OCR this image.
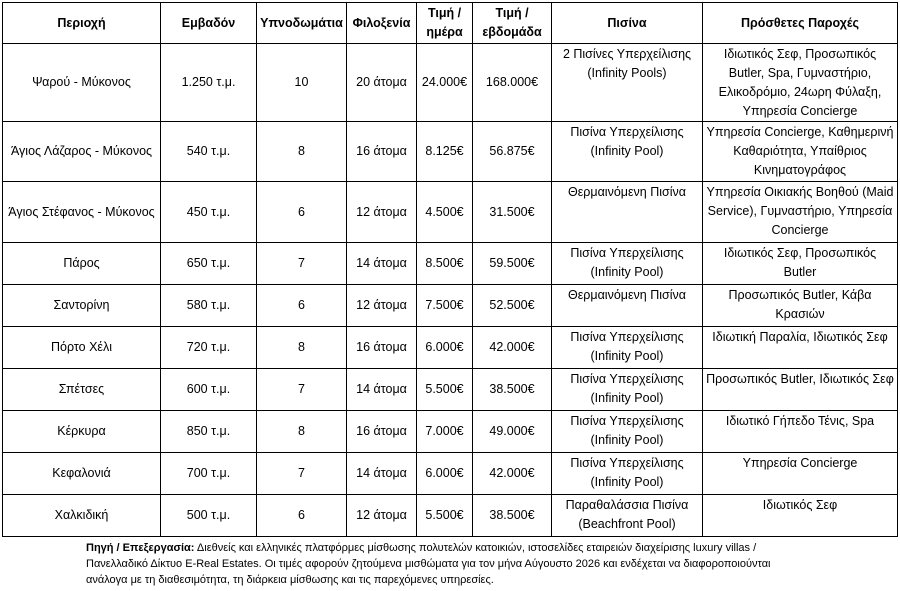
Περιοχή	Εμβαδόν	Υπνοδωμάτια	Φιλοξενία	Τιμή / ημέρα	Τιμή / εβδομάδα	Πισίνα	Πρόσθετες Παροχές
Ψαρού - Μύκονος	1.250 τ.μ.	10	20 άτομα	24.000€	168.000€	2 Πισίνες Υπερχείλισης (Infinity Pools)	Ιδιωτικός Σεφ, Προσωπικός Butler, Spa, Γυμναστήριο, Ελικοδρόμιο, 24ωρη Φύλαξη, Υπηρεσία Concierge
Άγιος Λάζαρος - Μύκονος	540 τ.μ.	8	16 άτομα	8.125€	56.875€	Πισίνα Υπερχείλισης (Infinity Pool)	Υπηρεσία Concierge, Καθημερινή Καθαριότητα, Υπαίθριος Κινηματογράφος
Άγιος Στέφανος - Μύκονος	450 τ.μ.	6	12 άτομα	4.500€	31.500€	Θερμαινόμενη Πισίνα	Υπηρεσία Οικιακής Βοηθού (Maid Service), Γυμναστήριο, Υπηρεσία Concierge
Πάρος	650 τ.μ.	7	14 άτομα	8.500€	59.500€	Πισίνα Υπερχείλισης (Infinity Pool)	Ιδιωτικός Σεφ, Προσωπικός Butler
Σαντορίνη	580 τ.μ.	6	12 άτομα	7.500€	52.500€	Θερμαινόμενη Πισίνα	Προσωπικός Butler, Κάβα Κρασιών
Πόρτο Χέλι	720 τ.μ.	8	16 άτομα	6.000€	42.000€	Πισίνα Υπερχείλισης (Infinity Pool)	Ιδιωτική Παραλία, Ιδιωτικός Σεφ
Σπέτσες	600 τ.μ.	7	14 άτομα	5.500€	38.500€	Πισίνα Υπερχείλισης (Infinity Pool)	Προσωπικός Butler, Ιδιωτικός Σεφ
Κέρκυρα	850 τ.μ.	8	16 άτομα	7.000€	49.000€	Πισίνα Υπερχείλισης (Infinity Pool)	Ιδιωτικό Γήπεδο Τένις, Spa
Κεφαλονιά	700 τ.μ.	7	14 άτομα	6.000€	42.000€	Πισίνα Υπερχείλισης (Infinity Pool)	Υπηρεσία Concierge
Χαλκιδική	500 τ.μ.	6	12 άτομα	5.500€	38.500€	Παραθαλάσσια Πισίνα (Beachfront Pool)	Ιδιωτικός Σεφ
Πηγή / Επεξεργασία: Διεθνείς και ελληνικές πλατφόρμες μίσθωσης πολυτελών κατοικιών, ιστοσελίδες εταιρειών διαχείρισης luxury villas / Πανελλαδικό Δίκτυο E-Real Estates. Οι τιμές αφορούν ζητούμενα μισθώματα για τον μήνα Αύγουστο 2026 και ενδέχεται να διαφοροποιούνται ανάλογα με τη διαθεσιμότητα, τη διάρκεια μίσθωσης και τις παρεχόμενες υπηρεσίες.
